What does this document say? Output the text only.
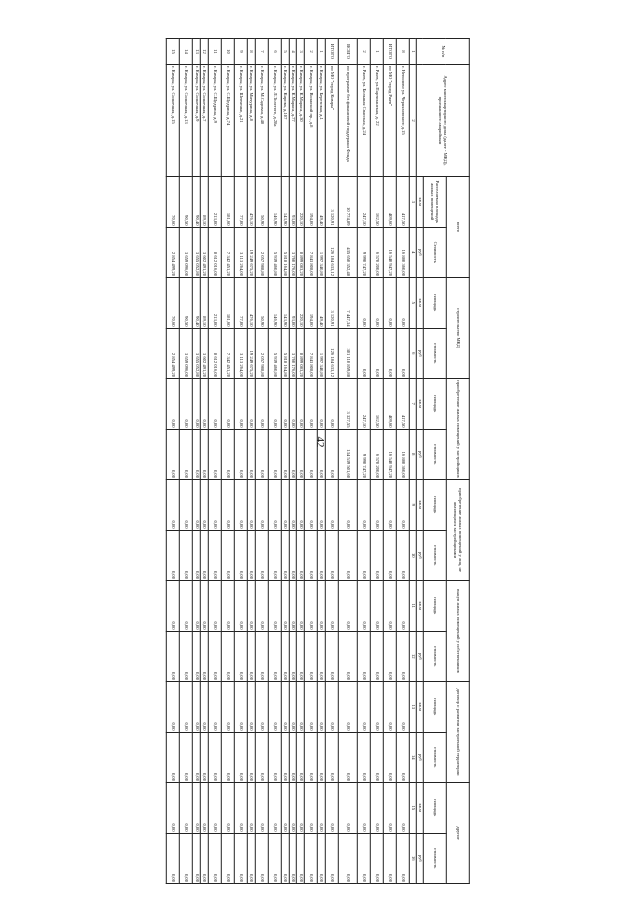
42
№ п/п	Адрес многоквартирного дома (далее - МКД), признанного аварийным	всего		строительство МКД		приобретение жилых помещений у застройщиков		приобретение жилых помещений у лиц, не являющихся застройщиками		выкуп жилых помещений у собственников		договор о развитии застроенной территории		другие	
		Расселяемая площадь жилых помещений	Стоимость	площадь	стоимость	площадь	стоимость	площадь	стоимость	площадь	стоимость	площадь	стоимость	площадь	стоимость
		кв.м	руб	кв.м	руб	кв.м	руб	кв.м	руб	кв.м	руб	кв.м	руб	кв.м	руб
1	2	3	4	5	6	7	8	9	10	11	12	13	14	15	16
8	г. Неполово ул. Черняховского д.15	417,50	16 880 360,00	0,00	0,00	417,50	16 880 360,00	0,00	0,00	0,00	0,00	0,00	0,00	0,00	0,00
ИТОГО	по МО "город Ржев"	409,60	16 540 947,20	0,00	0,00	409,60	16 540 947,20	0,00	0,00	0,00	0,00	0,00	0,00	0,00	0,00
1	г. Ржев, ул.Партизанская, д. 22	162,50	6 570 200,00	0,00	0,00	162,50	6 570 200,00	0,00	0,00	0,00	0,00	0,00	0,00	0,00	0,00
2	г. Ржев, ул. Большая Спасская, д.24	247,10	9 990 747,20	0,00	0,00	247,10	9 990 747,20	0,00	0,00	0,00	0,00	0,00	0,00	0,00	0,00
ВСЕГО	по программе без финансовой поддержки Фонда	10 774,89	435 650 352,48	7 447,34	301 110 859,88	3 327,55	134 539 501,60	0,00	0,00	0,00	0,00	0,00	0,00	0,00	0,00
ИТОГО	по МО "город Кимры"	3 120,91	126 184 633,12	3 120,91	126 184 633,12	0,00	0,00	0,00	0,00	0,00	0,00	0,00	0,00	0,00	0,00
1	г. Кимры, ул. Березовая, д.1	49,40	1 997 340,80	49,40	1 997 340,80	0,00	0,00	0,00	0,00	0,00	0,00	0,00	0,00	0,00	0,00
2	г. Кимры, ул. Волжский пр., д.8	194,00	7 843 808,00	194,00	7 843 808,00	0,00	0,00	0,00	0,00	0,00	0,00	0,00	0,00	0,00	0,00
3	г. Кимры, ул. К.Маркса, д.30	220,10	8 899 083,20	220,10	8 899 083,20	0,00	0,00	0,00	0,00	0,00	0,00	0,00	0,00	0,00	0,00
4	г. Кимры, ул. К.Маркса, д.77	93,00	3 760 176,00	93,00	3 760 176,00	0,00	0,00	0,00	0,00	0,00	0,00	0,00	0,00	0,00	0,00
5	г. Кимры, ул. Кирова, д.107	143,90	5 818 164,80	143,90	5 818 164,80	0,00	0,00	0,00	0,00	0,00	0,00	0,00	0,00	0,00	0,00
6	г. Кимры, ул. Л.Толстого, д.28а	146,90	5 939 460,80	146,90	5 939 460,80	0,00	0,00	0,00	0,00	0,00	0,00	0,00	0,00	0,00	0,00
7	г. Кимры, ул. М.Садовая, д.48	50,90	2 057 988,80	50,90	2 057 988,80	0,00	0,00	0,00	0,00	0,00	0,00	0,00	0,00	0,00	0,00
8	г. Кимры, ул. Мичурина, д.8	476,10	19 249 675,20	476,10	19 249 675,20	0,00	0,00	0,00	0,00	0,00	0,00	0,00	0,00	0,00	0,00
9	г. Кимры, ул. Шевченко, д.21	77,00	3 113 264,00	77,00	3 113 264,00	0,00	0,00	0,00	0,00	0,00	0,00	0,00	0,00	0,00	0,00
10	г. Кимры, ул. С.Щедрина, д.74	181,60	7 342 451,20	181,60	7 342 451,20	0,00	0,00	0,00	0,00	0,00	0,00	0,00	0,00	0,00	0,00
11	г. Кимры, ул. С.Щедрина, д.9	213,00	8 612 016,00	213,00	8 612 016,00	0,00	0,00	0,00	0,00	0,00	0,00	0,00	0,00	0,00	0,00
12	г. Кимры, ул. Солнечная, д.7	89,10	3 602 491,20	89,10	3 602 491,20	0,00	0,00	0,00	0,00	0,00	0,00	0,00	0,00	0,00	0,00
13	г. Кимры, ул. Солнечная, д.9	90,40	3 655 052,80	90,40	3 655 052,80	0,00	0,00	0,00	0,00	0,00	0,00	0,00	0,00	0,00	0,00
14	г. Кимры, ул. Солнечная, д.13	90,50	3 659 096,00	90,50	3 659 096,00	0,00	0,00	0,00	0,00	0,00	0,00	0,00	0,00	0,00	0,00
15	г. Кимры, ул. Солнечная, д.15	70,60	2 854 499,20	70,60	2 854 499,20	0,00	0,00	0,00	0,00	0,00	0,00	0,00	0,00	0,00	0,00
